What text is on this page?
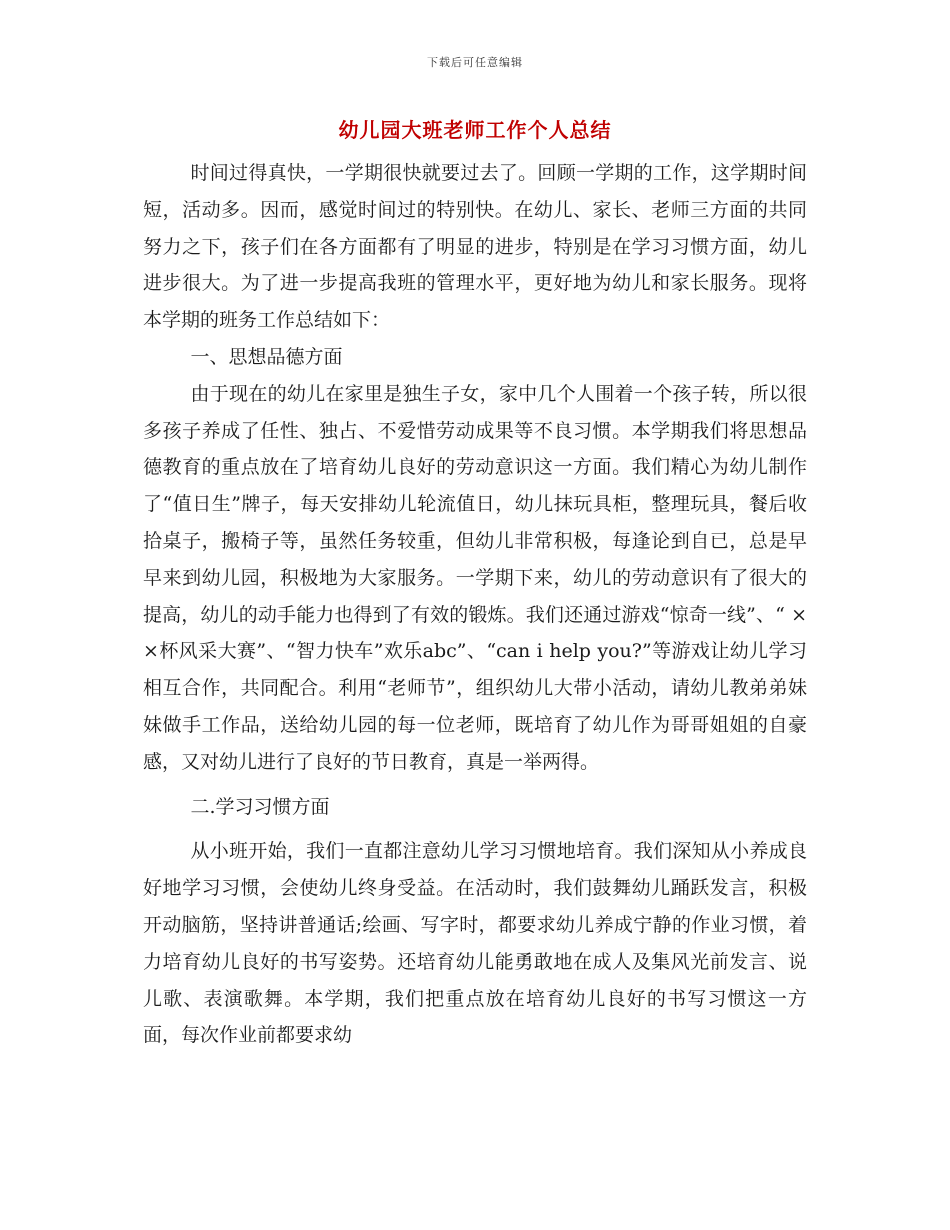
下载后可任意编辑
幼儿园大班老师工作个人总结

时间过得真快，一学期很快就要过去了。回顾一学期的工作，这学期时间短，活动多。因而，感觉时间过的特别快。在幼儿、家长、老师三方面的共同努力之下，孩子们在各方面都有了明显的进步，特别是在学习习惯方面，幼儿进步很大。为了进一步提高我班的管理水平，更好地为幼儿和家长服务。现将本学期的班务工作总结如下：

一、思想品德方面

由于现在的幼儿在家里是独生子女，家中几个人围着一个孩子转，所以很多孩子养成了任性、独占、不爱惜劳动成果等不良习惯。本学期我们将思想品德教育的重点放在了培育幼儿良好的劳动意识这一方面。我们精心为幼儿制作了“值日生”牌子，每天安排幼儿轮流值日，幼儿抹玩具柜，整理玩具，餐后收拾桌子，搬椅子等，虽然任务较重，但幼儿非常积极，每逢论到自已，总是早早来到幼儿园，积极地为大家服务。一学期下来，幼儿的劳动意识有了很大的提高，幼儿的动手能力也得到了有效的锻炼。我们还通过游戏“惊奇一线”、“ ××杯风采大赛”、“智力快车”欢乐abc”、“can i help you?”等游戏让幼儿学习相互合作，共同配合。利用“老师节”，组织幼儿大带小活动，请幼儿教弟弟妹妹做手工作品，送给幼儿园的每一位老师，既培育了幼儿作为哥哥姐姐的自豪感，又对幼儿进行了良好的节日教育，真是一举两得。

二.学习习惯方面

从小班开始，我们一直都注意幼儿学习习惯地培育。我们深知从小养成良好地学习习惯，会使幼儿终身受益。在活动时，我们鼓舞幼儿踊跃发言，积极开动脑筋，坚持讲普通话;绘画、写字时，都要求幼儿养成宁静的作业习惯，着力培育幼儿良好的书写姿势。还培育幼儿能勇敢地在成人及集风光前发言、说儿歌、表演歌舞。本学期，我们把重点放在培育幼儿良好的书写习惯这一方面，每次作业前都要求幼
